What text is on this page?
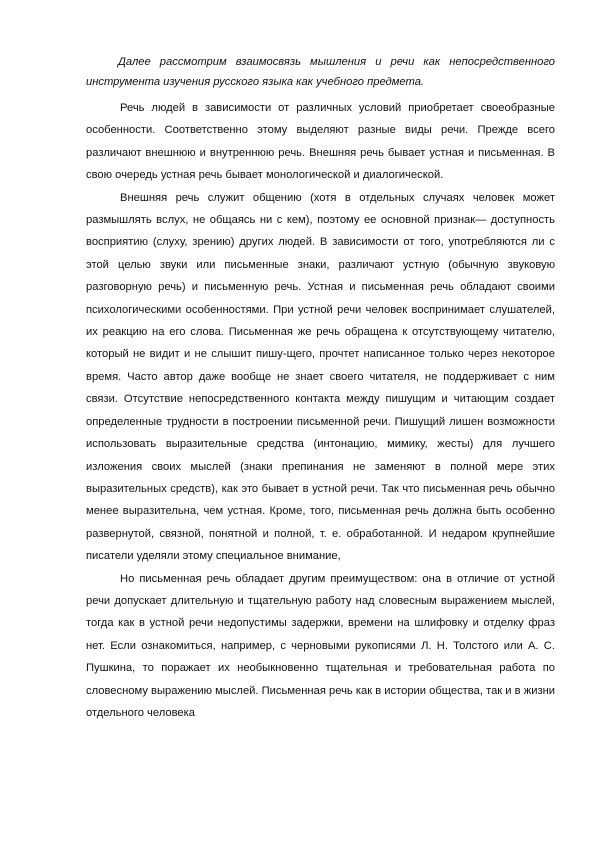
Далее рассмотрим взаимосвязь мышления и речи как непосредственного инструмента изучения русского языка как учебного предмета.

Речь людей в зависимости от различных условий приобретает своеобразные особенности. Соответственно этому выделяют разные виды речи. Прежде всего различают внешнюю и внутреннюю речь. Внешняя речь бывает устная и письменная. В свою очередь устная речь бывает монологической и диалогической.

Внешняя речь служит общению (хотя в отдельных случаях человек может размышлять вслух, не общаясь ни с кем), поэтому ее основной признак— доступность восприятию (слуху, зрению) других людей. В зависимости от того, употребляются ли с этой целью звуки или письменные знаки, различают устную (обычную звуковую разговорную речь) и письменную речь. Устная и письменная речь обладают своими психологическими особенностями. При устной речи человек воспринимает слушателей, их реакцию на его слова. Письменная же речь обращена к отсутствующему читателю, который не видит и не слышит пишу-щего, прочтет написанное только через некоторое время. Часто автор даже вообще не знает своего читателя, не поддерживает с ним связи. Отсутствие непосредственного контакта между пишущим и читающим создает определенные трудности в построении письменной речи. Пишущий лишен возможности использовать выразительные средства (интонацию, мимику, жесты) для лучшего изложения своих мыслей (знаки препинания не заменяют в полной мере этих выразительных средств), как это бывает в устной речи. Так что письменная речь обычно менее выразительна, чем устная. Кроме, того, письменная речь должна быть особенно развернутой, связной, понятной и полной, т. е. обработанной. И недаром крупнейшие писатели уделяли этому специальное внимание,

Но письменная речь обладает другим преимуществом: она в отличие от устной речи допускает длительную и тщательную работу над словесным выражением мыслей, тогда как в устной речи недопустимы задержки, времени на шлифовку и отделку фраз нет. Если ознакомиться, например, с черновыми рукописями Л. Н. Толстого или А. С. Пушкина, то поражает их необыкновенно тщательная и требовательная работа по словесному выражению мыслей. Письменная речь как в истории общества, так и в жизни отдельного человека
